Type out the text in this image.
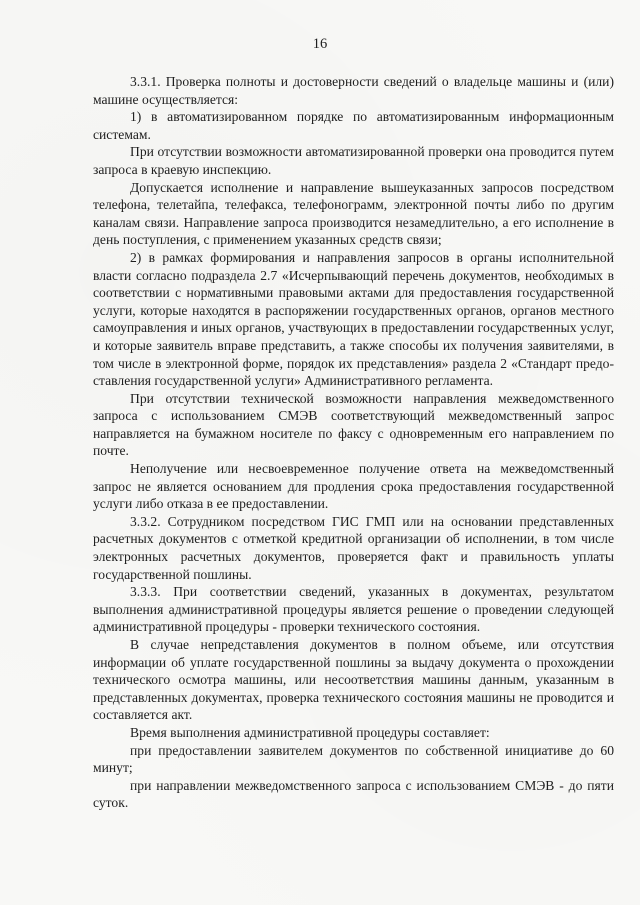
16

3.3.1. Проверка полноты и достоверности сведений о владельце машины и (или) машине осуществляется:

1) в автоматизированном порядке по автоматизированным информационным системам.

При отсутствии возможности автоматизированной проверки она проводится путем запроса в краевую инспекцию.

Допускается исполнение и направление вышеуказанных запросов посредством телефона, телетайпа, телефакса, телефонограмм, электронной почты либо по другим каналам связи. Направление запроса производится незамедлительно, а его исполнение в день поступления, с применением указанных средств связи;

2) в рамках формирования и направления запросов в органы исполнительной власти согласно подраздела 2.7 «Исчерпывающий перечень документов, необходимых в соответствии с нормативными правовыми актами для предоставления государственной услуги, которые находятся в распоряжении государственных органов, органов местного самоуправления и иных органов, участвующих в предоставлении государственных услуг, и которые заявитель вправе представить, а также способы их получения заявителями, в том числе в электронной форме, порядок их представления» раздела 2 «Стандарт предоставления государственной услуги» Административного регламента.

При отсутствии технической возможности направления межведомственного запроса с использованием СМЭВ соответствующий межведомственный запрос направляется на бумажном носителе по факсу с одновременным его направлением по почте.

Неполучение или несвоевременное получение ответа на межведомственный запрос не является основанием для продления срока предоставления государственной услуги либо отказа в ее предоставлении.

3.3.2. Сотрудником посредством ГИС ГМП или на основании представленных расчетных документов с отметкой кредитной организации об исполнении, в том числе электронных расчетных документов, проверяется факт и правильность уплаты государственной пошлины.

3.3.3. При соответствии сведений, указанных в документах, результатом выполнения административной процедуры является решение о проведении следующей административной процедуры - проверки технического состояния.

В случае непредставления документов в полном объеме, или отсутствия информации об уплате государственной пошлины за выдачу документа о прохождении технического осмотра машины, или несоответствия машины данным, указанным в представленных документах, проверка технического состояния машины не проводится и составляется акт.

Время выполнения административной процедуры составляет:

при предоставлении заявителем документов по собственной инициативе до 60 минут;

при направлении межведомственного запроса с использованием СМЭВ - до пяти суток.
